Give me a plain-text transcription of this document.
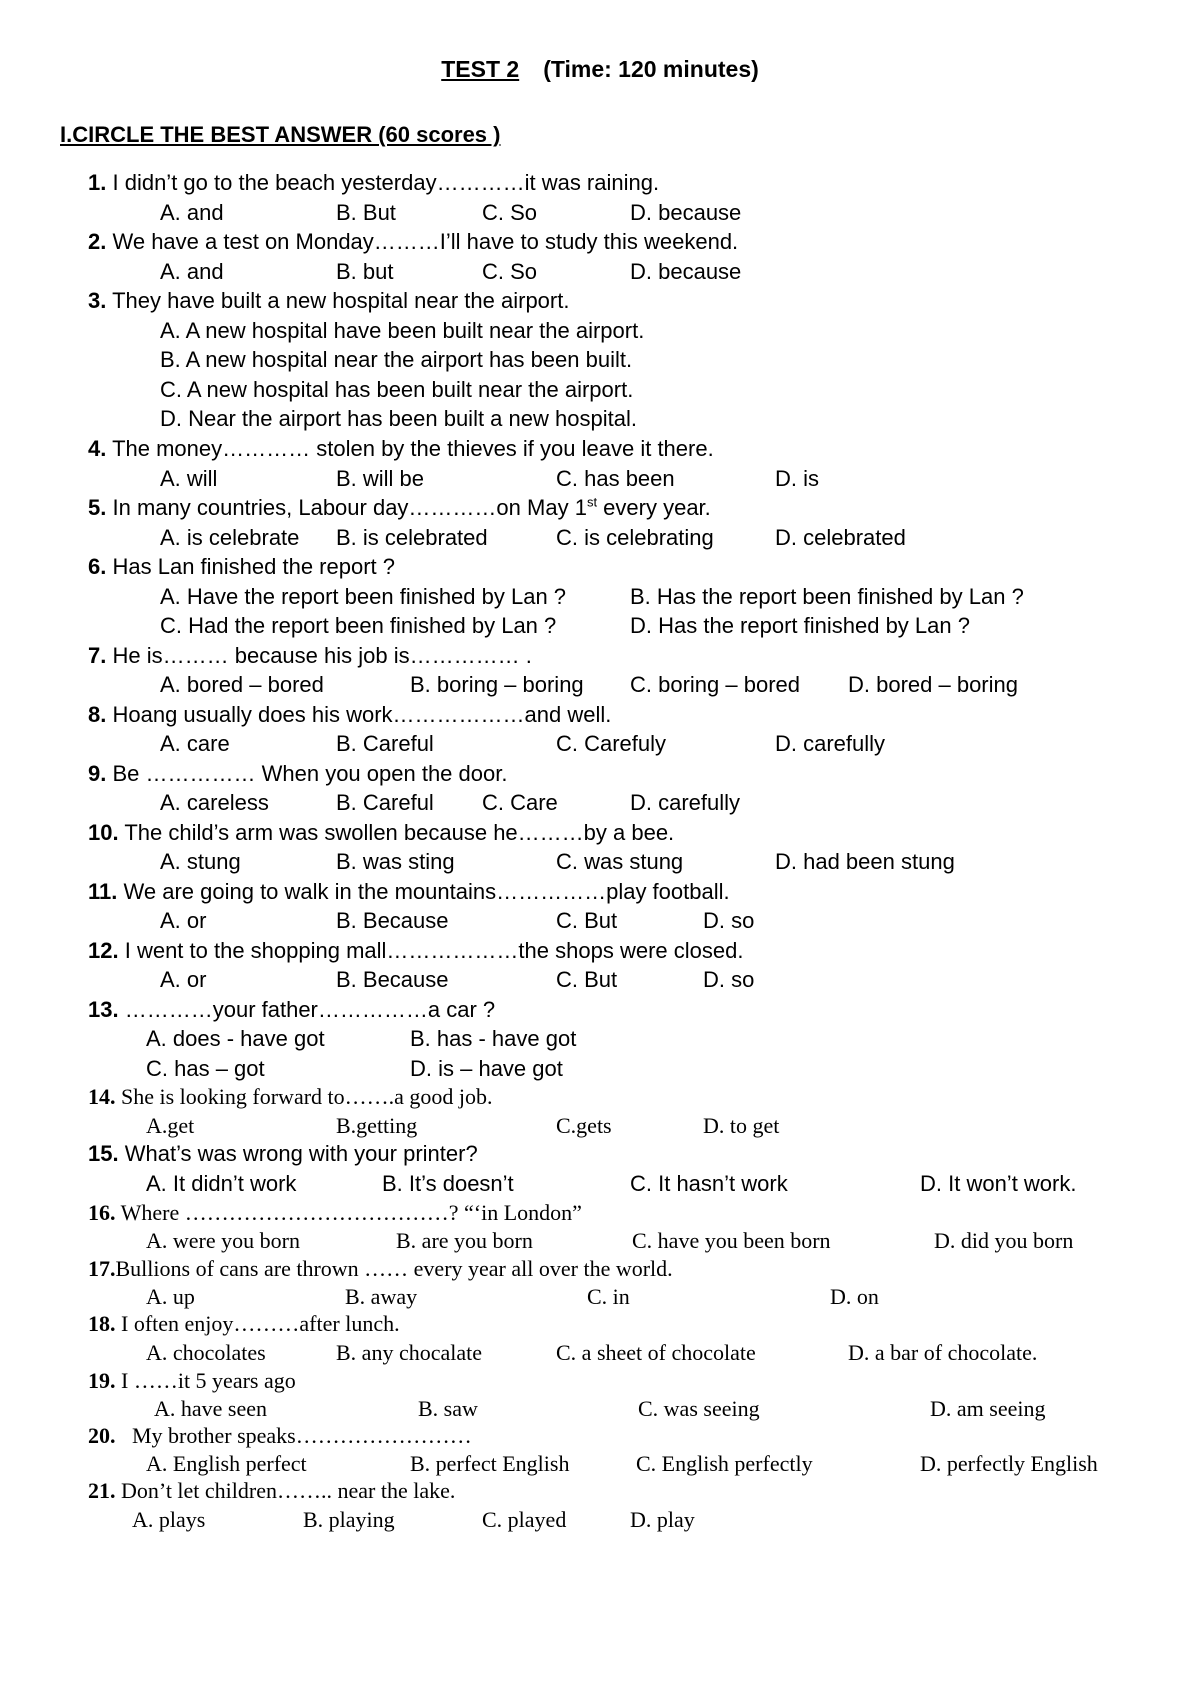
TEST 2 (Time: 120 minutes)
I.CIRCLE THE BEST ANSWER (60 scores )
1. I didn’t go to the beach yesterday…………it was raining.
A. and	B. But	C. So	D. because
2. We have a test on Monday………I’ll have to study this weekend.
A. and	B. but	C. So	D. because
3. They have built a new hospital near the airport.
A. A new hospital have been built near the airport.
B. A new hospital near the airport has been built.
C. A new hospital has been built near the airport.
D. Near the airport has been built a new hospital.
4. The money………… stolen by the thieves if you leave it there.
A. will	B. will be	C. has been	D. is
5. In many countries, Labour day…………on May 1st every year.
A. is celebrate B. is celebrated	C. is celebrating	D. celebrated
6. Has Lan finished the report ?
A. Have the report been finished by Lan ?	B. Has the report been finished by Lan ?
C. Had the report been finished by Lan ?	D. Has the report finished by Lan ?
7. He is……… because his job is…………… .
A. bored – bored	B. boring – boring C. boring – bored D. bored – boring
8. Hoang usually does his work………………and well.
A. care	B. Careful	C. Carefuly	D. carefully
9. Be …………… When you open the door.
A. careless	B. Careful C. Care	D. carefully
10. The child’s arm was swollen because he………by a bee.
A. stung	B. was sting	C. was stung	D. had been stung
11. We are going to walk in the mountains……………play football.
A. or	B. Because	C. But	D. so
12. I went to the shopping mall………………the shops were closed.
A. or	B. Because	C. But	D. so
13. …………your father……………a car ?
A. does - have got	B. has - have got
C. has – got	D. is – have got
14. She is looking forward to…….a good job.
A.get	B.getting	C.gets	D. to get
15. What’s was wrong with your printer?
A. It didn’t work	B. It’s doesn’t	C. It hasn’t work	D. It won’t work.
16. Where ………………………………? “‘in London”
A. were you born	B. are you born	C. have you been born	D. did you born
17.Bullions of cans are thrown …… every year all over the world.
A. up	B. away	C. in	D. on
18. I often enjoy………after lunch.
A. chocolates	B. any chocalate	C. a sheet of chocolate	D. a bar of chocolate.
19. I ……it 5 years ago
A. have seen	B. saw	C. was seeing	D. am seeing
20. My brother speaks……………………
A. English perfect	B. perfect English	C. English perfectly	D. perfectly English
21. Don’t let children…….. near the lake.
A. plays	B. playing	C. played	D. play
